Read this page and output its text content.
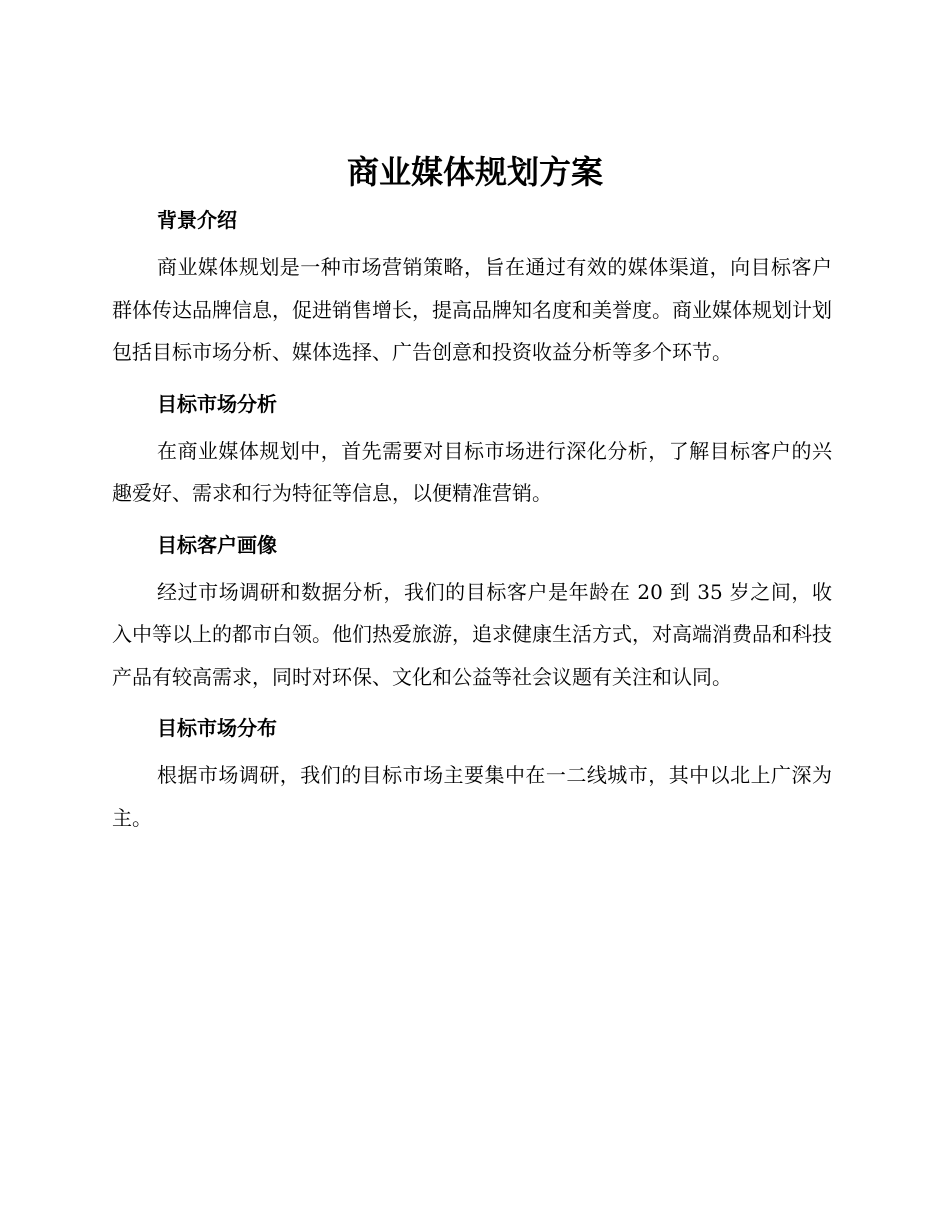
商业媒体规划方案
背景介绍

商业媒体规划是一种市场营销策略，旨在通过有效的媒体渠道，向目标客户群体传达品牌信息，促进销售增长，提高品牌知名度和美誉度。商业媒体规划计划包括目标市场分析、媒体选择、广告创意和投资收益分析等多个环节。

目标市场分析

在商业媒体规划中，首先需要对目标市场进行深化分析，了解目标客户的兴趣爱好、需求和行为特征等信息，以便精准营销。

目标客户画像

经过市场调研和数据分析，我们的目标客户是年龄在 20 到 35 岁之间，收入中等以上的都市白领。他们热爱旅游，追求健康生活方式，对高端消费品和科技产品有较高需求，同时对环保、文化和公益等社会议题有关注和认同。

目标市场分布

根据市场调研，我们的目标市场主要集中在一二线城市，其中以北上广深为主。
